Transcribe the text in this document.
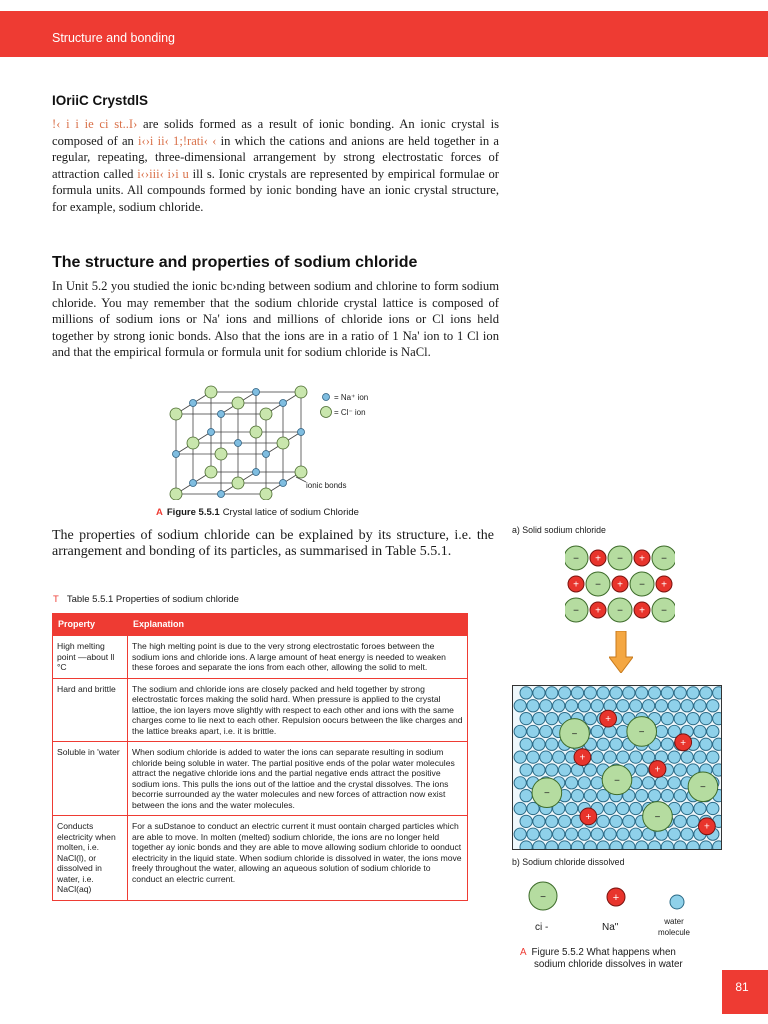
Structure and bonding
IOriiC CrystdlS

!‹ i i ie ci st..I› are solids formed as a result of ionic bonding. An ionic crystal is composed of an i‹›i ii‹ 1;!rati‹ ‹ in which the cations and anions are held together in a regular, repeating, three-dimensional arrangement by strong electrostatic forces of attraction called i‹›iii‹ i›i u ill s. Ionic crystals are represented by empirical formulae or formula units. All compounds formed by ionic bonding have an ionic crystal structure, for example, sodium chloride.

The structure and properties of sodium chloride

In Unit 5.2 you studied the ionic bc›nding between sodium and chlorine to form sodium chloride. You may remember that the sodium chloride crystal lattice is composed of millions of sodium ions or Na' ions and millions of chloride ions or Cl ions held together by strong ionic bonds. Also that the ions are in a ratio of 1 Na' ion to 1 Cl ion and that the empirical formula or formula unit for sodium chloride is NaCl.

= Na⁺ ion
= Cl⁻ ion
ionic bonds
A Figure 5.5.1 Crystal latice of sodium Chloride

The properties of sodium chloride can be explained by its structure, i.e. the arrangement and bonding of its particles, as summarised in Table 5.5.1.

T Table 5.5.1 Properties of sodium chloride
Property	Explanation
High melting point —about ll °C	The high melting point is due to the very strong electrostatic foroes between the sodium ions and chloride ions. A large amount of heat energy is needed to weaken these foroes and separate the ions from each other, allowing the solid to melt.
Hard and brittle	The sodium and chloride ions are closely packed and held together by strong electrostatic forces making the solid hard. When pressure is applied to the crystal lattioe, the ion layers move slightly with respect to each other and ions with the same charges come to lie next to each other. Repulsion oocurs between the like charges and the lattice breaks apart, i.e. it is brittle.
Soluble in 'water	When sodium chloride is added to water the ions can separate resulting in sodium chloride being soluble in water. The partial positive ends of the polar water molecules attract the negative chloride ions and the partial negative ends attract the positive sodium ions. This pulls the ions out of the lattioe and the crystal dissolves. The ions becorrie surrounded ay the water molecules and new forces of attraction now exist between the ions and the water molecules.
Conducts electricity when molten, i.e. NaCl(l), or dissolved in water, i.e. NaCl(aq)	For a suDstanoe to conduct an electric current it must oontain charged particles which are able to move. In molten (melted) sodium chloride, the ions are no longer held together ay ionic bonds and they are able to move allowing sodium chloride to oonduct electricity in the liquid state. When sodium chloride is dissolved in water, the ions move freely throughout the water, allowing an aqueous solution of sodium chloride to conduct an electric current.
a) Solid sodium chloride
− + − + −
+ − + − +
− + − + −
−	−
−
−
−
−
+
+
+
+
+
+
b) Sodium chloride dissolved
−	+
ci -	Na"
water molecule
A Figure 5.5.2 What happens when
sodium chloride dissolves in water
81
